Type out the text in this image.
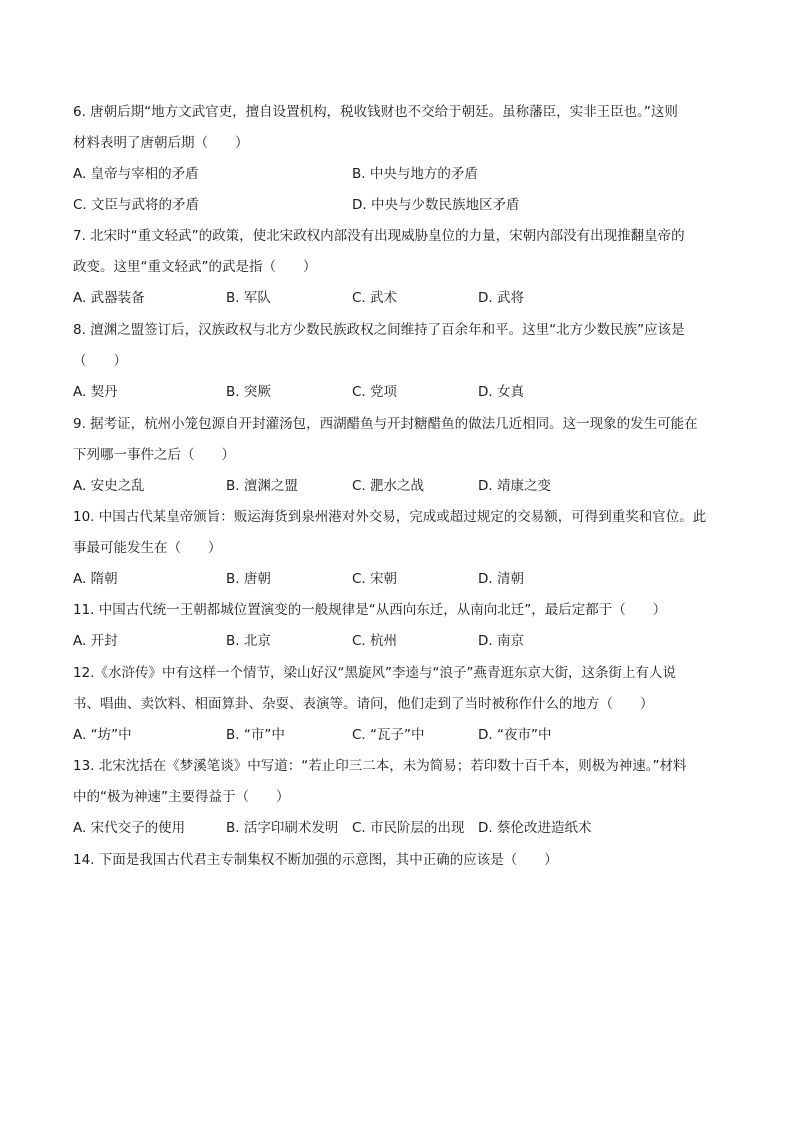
6. 唐朝后期“地方文武官吏，擅自设置机构，税收钱财也不交给于朝廷。虽称藩臣，实非王臣也。”这则
材料表明了唐朝后期（　　）
A. 皇帝与宰相的矛盾	B. 中央与地方的矛盾
C. 文臣与武将的矛盾	D. 中央与少数民族地区矛盾
7. 北宋时“重文轻武”的政策，使北宋政权内部没有出现威胁皇位的力量，宋朝内部没有出现推翻皇帝的
政变。这里“重文轻武”的武是指（　　）
A. 武器装备	B. 军队	C. 武术	D. 武将
8. 澶渊之盟签订后，汉族政权与北方少数民族政权之间维持了百余年和平。这里“北方少数民族”应该是
（　　）
A. 契丹	B. 突厥	C. 党项	D. 女真
9. 据考证，杭州小笼包源自开封灌汤包，西湖醋鱼与开封糖醋鱼的做法几近相同。这一现象的发生可能在
下列哪一事件之后（　　）
A. 安史之乱	B. 澶渊之盟	C. 淝水之战	D. 靖康之变
10. 中国古代某皇帝颁旨：贩运海货到泉州港对外交易，完成或超过规定的交易额，可得到重奖和官位。此
事最可能发生在（　　）
A. 隋朝	B. 唐朝	C. 宋朝	D. 清朝
11. 中国古代统一王朝都城位置演变的一般规律是“从西向东迁，从南向北迁”，最后定都于（　　）
A. 开封	B. 北京	C. 杭州	D. 南京
12.《水浒传》中有这样一个情节，梁山好汉“黑旋风”李逵与“浪子”燕青逛东京大街，这条街上有人说
书、唱曲、卖饮料、相面算卦、杂耍、表演等。请问，他们走到了当时被称作什么的地方（　　）
A. “坊”中	B. “市”中	C. “瓦子”中	D. “夜市”中
13. 北宋沈括在《梦溪笔谈》中写道：“若止印三二本，未为简易；若印数十百千本，则极为神速。”材料
中的“极为神速”主要得益于（　　）
A. 宋代交子的使用	B. 活字印刷术发明 C. 市民阶层的出现 D. 蔡伦改进造纸术
14. 下面是我国古代君主专制集权不断加强的示意图，其中正确的应该是（　　）
